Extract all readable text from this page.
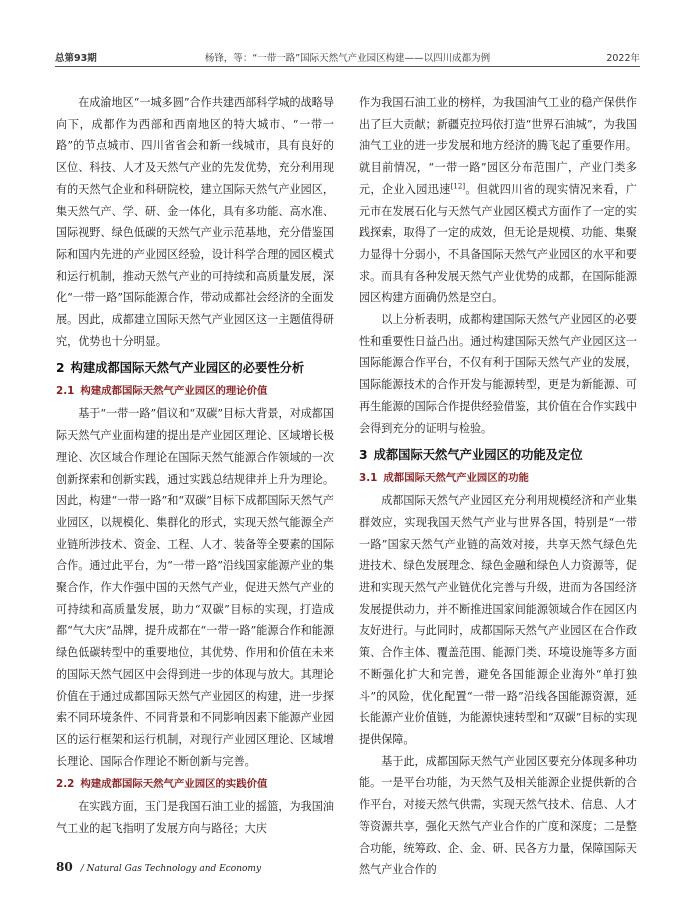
总第93期	杨锋，等：“一带一路”国际天然气产业园区构建——以四川成都为例	2022年

在成渝地区“一城多圆”合作共建西部科学城的战略导向下，成都作为西部和西南地区的特大城市、“一带一路”的节点城市、四川省省会和新一线城市，具有良好的区位、科技、人才及天然气产业的先发优势，充分利用现有的天然气企业和科研院校，建立国际天然气产业园区，集天然气产、学、研、金一体化，具有多功能、高水准、国际视野、绿色低碳的天然气产业示范基地，充分借鉴国际和国内先进的产业园区经验，设计科学合理的园区模式和运行机制，推动天然气产业的可持续和高质量发展，深化“一带一路”国际能源合作，带动成都社会经济的全面发展。因此，成都建立国际天然气产业园区这一主题值得研究，优势也十分明显。

2 构建成都国际天然气产业园区的必要性分析
2.1 构建成都国际天然气产业园区的理论价值

基于“一带一路”倡议和“双碳”目标大背景，对成都国际天然气产业面构建的提出是产业园区理论、区域增长极理论、次区域合作理论在国际天然气能源合作领域的一次创新探索和创新实践，通过实践总结规律并上升为理论。因此，构建“一带一路”和“双碳”目标下成都国际天然气产业园区，以规模化、集群化的形式，实现天然气能源全产业链所涉技术、资金、工程、人才、装备等全要素的国际合作。通过此平台，为“一带一路”沿线国家能源产业的集聚合作，作大作强中国的天然气产业，促进天然气产业的可持续和高质量发展，助力“双碳”目标的实现，打造成都“气大庆”品牌，提升成都在“一带一路”能源合作和能源绿色低碳转型中的重要地位，其优势、作用和价值在未来的国际天然气园区中会得到进一步的体现与放大。其理论价值在于通过成都国际天然气产业园区的构建，进一步探索不同环境条件、不同背景和不同影响因素下能源产业园区的运行框架和运行机制，对现行产业园区理论、区域增长理论、国际合作理论不断创新与完善。

2.2 构建成都国际天然气产业园区的实践价值

在实践方面，玉门是我国石油工业的摇篮，为我国油气工业的起飞指明了发展方向与路径；大庆

作为我国石油工业的榜样，为我国油气工业的稳产保供作出了巨大贡献；新疆克拉玛依打造“世界石油城”，为我国油气工业的进一步发展和地方经济的腾飞起了重要作用。就目前情况，“一带一路”园区分布范围广，产业门类多元，企业入园迅速[12]。但就四川省的现实情况来看，广元市在发展石化与天然气产业园区模式方面作了一定的实践探索，取得了一定的成效，但无论是规模、功能、集聚力显得十分弱小，不具备国际天然气产业园区的水平和要求。而具有各种发展天然气产业优势的成都，在国际能源园区构建方面确仍然是空白。

以上分析表明，成都构建国际天然气产业园区的必要性和重要性日益凸出。通过构建国际天然气产业园区这一国际能源合作平台，不仅有利于国际天然气产业的发展，国际能源技术的合作开发与能源转型，更是为新能源、可再生能源的国际合作提供经验借鉴，其价值在合作实践中会得到充分的证明与检验。

3 成都国际天然气产业园区的功能及定位
3.1 成都国际天然气产业园区的功能

成都国际天然气产业园区充分利用规模经济和产业集群效应，实现我国天然气产业与世界各国，特别是“一带一路”国家天然气产业链的高效对接，共享天然气绿色先进技术、绿色发展理念、绿色金融和绿色人力资源等，促进和实现天然气产业链优化完善与升级，进而为各国经济发展提供动力，并不断推进国家间能源领域合作在园区内友好进行。与此同时，成都国际天然气产业园区在合作政策、合作主体、覆盖范围、能源门类、环境设施等多方面不断强化扩大和完善，避免各国能源企业海外“单打独斗”的风险，优化配置“一带一路”沿线各国能源资源，延长能源产业价值链，为能源快速转型和“双碳”目标的实现提供保障。

基于此，成都国际天然气产业园区要充分体现多种功能。一是平台功能，为天然气及相关能源企业提供新的合作平台，对接天然气供需，实现天然气技术、信息、人才等资源共享，强化天然气产业合作的广度和深度；二是整合功能，统筹政、企、金、研、民各方力量，保障国际天然气产业合作的

80 / Natural Gas Technology and Economy
